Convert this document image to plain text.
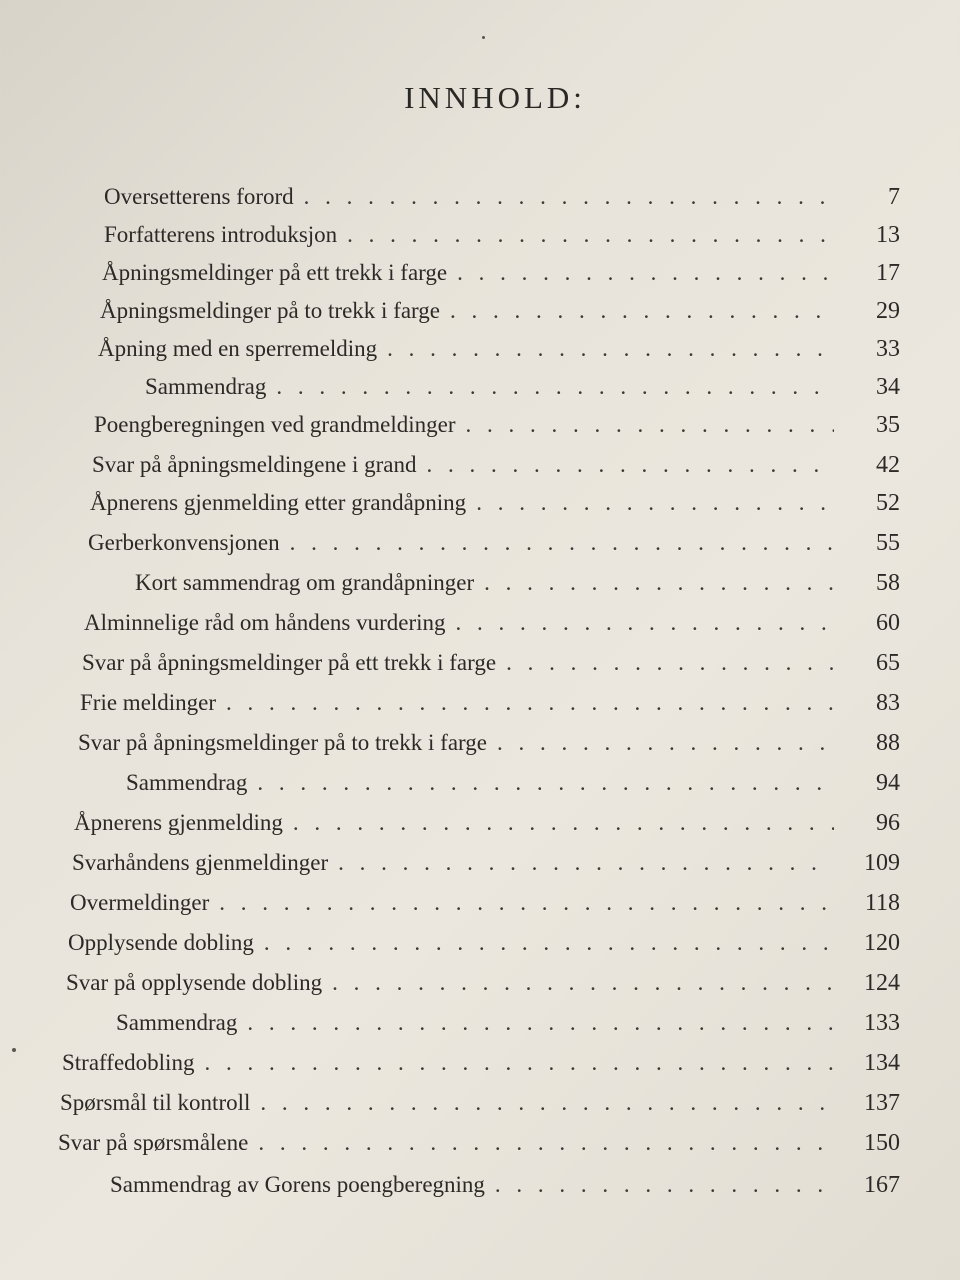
INNHOLD:
Oversetterens forord . . .	7
Forfatterens introduksjon . . .	13
Åpningsmeldinger på ett trekk i farge . . .	17
Åpningsmeldinger på to trekk i farge . . .	29
Åpning med en sperremelding . . .	33
Sammendrag . . .	34
Poengberegningen ved grandmeldinger . . .	35
Svar på åpningsmeldingene i grand . . .	42
Åpnerens gjenmelding etter grandåpning . . .	52
Gerberkonvensjonen . . .	55
Kort sammendrag om grandåpninger . . .	58
Alminnelige råd om håndens vurdering . . .	60
Svar på åpningsmeldinger på ett trekk i farge . . .	65
Frie meldinger . . .	83
Svar på åpningsmeldinger på to trekk i farge . . .	88
Sammendrag . . .	94
Åpnerens gjenmelding . . .	96
Svarhåndens gjenmeldinger . . .	109
Overmeldinger . . .	118
Opplysende dobling . . .	120
Svar på opplysende dobling . . .	124
Sammendrag . . .	133
Straffedobling . . .	134
Spørsmål til kontroll . . .	137
Svar på spørsmålene . . .	150
Sammendrag av Gorens poengberegning . . .	167
